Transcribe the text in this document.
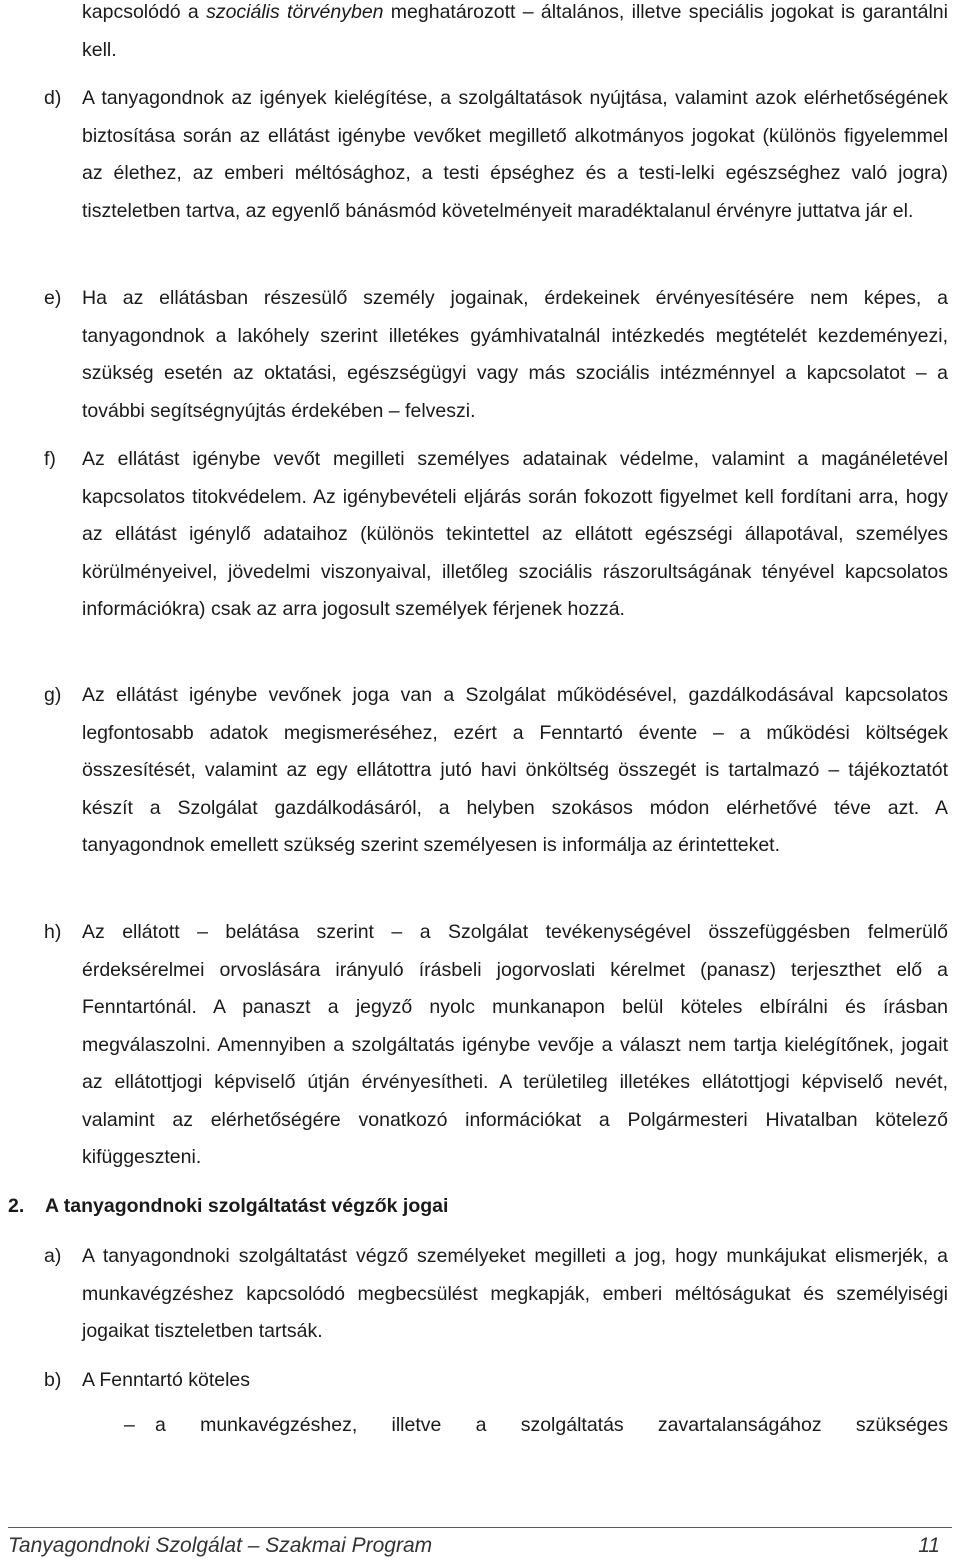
kapcsolódó a szociális törvényben meghatározott – általános, illetve speciális jogokat is garantálni kell.
d) A tanyagondnok az igények kielégítése, a szolgáltatások nyújtása, valamint azok elérhetőségének biztosítása során az ellátást igénybe vevőket megillető alkotmányos jogokat (különös figyelemmel az élethez, az emberi méltósághoz, a testi épséghez és a testi-lelki egészséghez való jogra) tiszteletben tartva, az egyenlő bánásmód követelményeit maradéktalanul érvényre juttatva jár el.
e) Ha az ellátásban részesülő személy jogainak, érdekeinek érvényesítésére nem képes, a tanyagondnok a lakóhely szerint illetékes gyámhivatalnál intézkedés megtételét kezdeményezi, szükség esetén az oktatási, egészségügyi vagy más szociális intézménnyel a kapcsolatot – a további segítségnyújtás érdekében – felveszi.
f) Az ellátást igénybe vevőt megilleti személyes adatainak védelme, valamint a magánéletével kapcsolatos titokvédelem. Az igénybevételi eljárás során fokozott figyelmet kell fordítani arra, hogy az ellátást igénylő adataihoz (különös tekintettel az ellátott egészségi állapotával, személyes körülményeivel, jövedelmi viszonyaival, illetőleg szociális rászorultságának tényével kapcsolatos információkra) csak az arra jogosult személyek férjenek hozzá.
g) Az ellátást igénybe vevőnek joga van a Szolgálat működésével, gazdálkodásával kapcsolatos legfontosabb adatok megismeréséhez, ezért a Fenntartó évente – a működési költségek összesítését, valamint az egy ellátottra jutó havi önköltség összegét is tartalmazó – tájékoztatót készít a Szolgálat gazdálkodásáról, a helyben szokásos módon elérhetővé téve azt. A tanyagondnok emellett szükség szerint személyesen is informálja az érintetteket.
h) Az ellátott – belátása szerint – a Szolgálat tevékenységével összefüggésben felmerülő érdeksérelmei orvoslására irányuló írásbeli jogorvoslati kérelmet (panasz) terjeszthet elő a Fenntartónál. A panaszt a jegyző nyolc munkanapon belül köteles elbírálni és írásban megválaszolni. Amennyiben a szolgáltatás igénybe vevője a választ nem tartja kielégítőnek, jogait az ellátottjogi képviselő útján érvényesítheti. A területileg illetékes ellátottjogi képviselő nevét, valamint az elérhetőségére vonatkozó információkat a Polgármesteri Hivatalban kötelező kifüggeszteni.
2. A tanyagondnoki szolgáltatást végzők jogai
a) A tanyagondnoki szolgáltatást végző személyeket megilleti a jog, hogy munkájukat elismerjék, a munkavégzéshez kapcsolódó megbecsülést megkapják, emberi méltóságukat és személyiségi jogaikat tiszteletben tartsák.
b) A Fenntartó köteles
– a munkavégzéshez, illetve a szolgáltatás zavartalanságához szükséges
Tanyagondnoki Szolgálat – Szakmai Program	11
